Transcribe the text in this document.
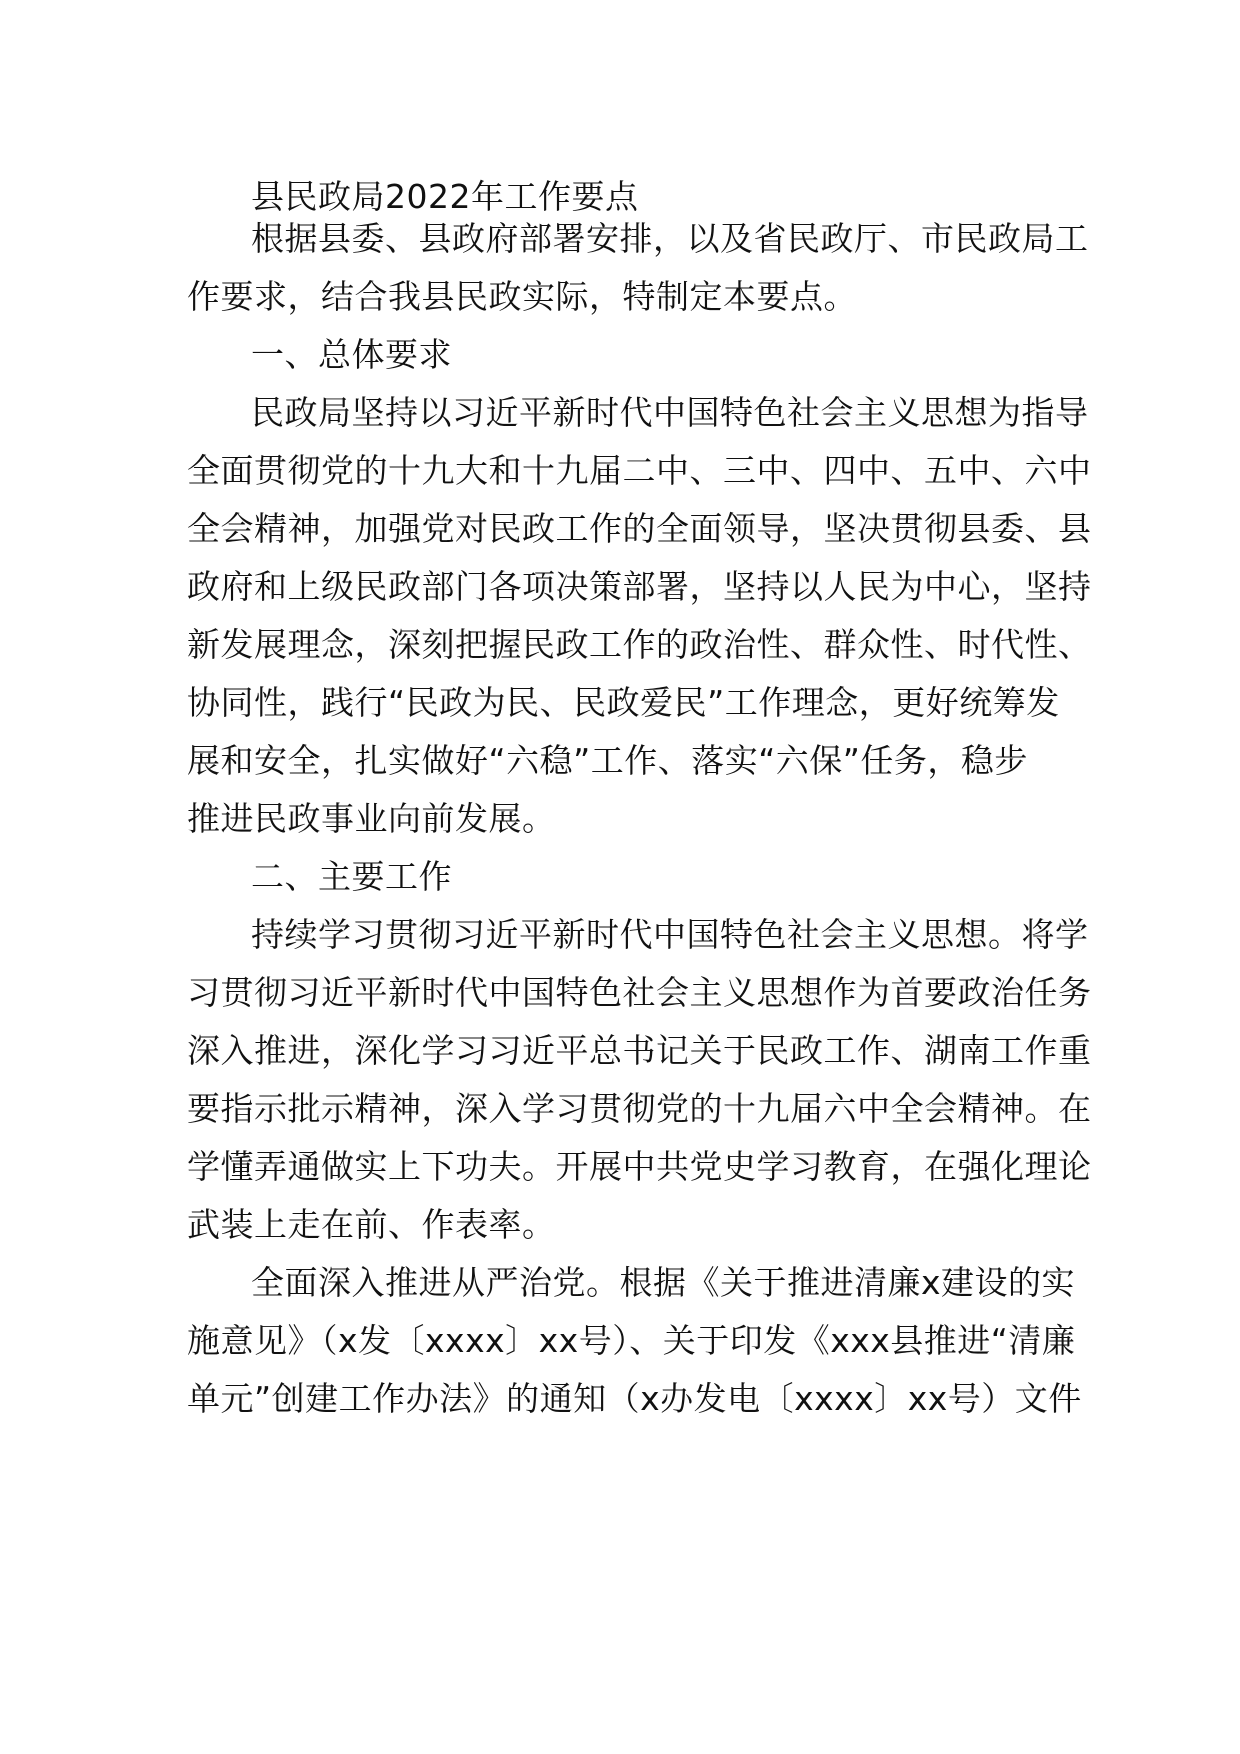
县民政局2022年工作要点
根据县委、县政府部署安排，以及省民政厅、市民政局工
作要求，结合我县民政实际，特制定本要点。
一、总体要求
民政局坚持以习近平新时代中国特色社会主义思想为指导
全面贯彻党的十九大和十九届二中、三中、四中、五中、六中
全会精神，加强党对民政工作的全面领导，坚决贯彻县委、县
政府和上级民政部门各项决策部署，坚持以人民为中心，坚持
新发展理念，深刻把握民政工作的政治性、群众性、时代性、
协同性，践行“民政为民、民政爱民”工作理念，更好统筹发
展和安全，扎实做好“六稳”工作、落实“六保”任务，稳步
推进民政事业向前发展。
二、主要工作
持续学习贯彻习近平新时代中国特色社会主义思想。将学
习贯彻习近平新时代中国特色社会主义思想作为首要政治任务
深入推进，深化学习习近平总书记关于民政工作、湖南工作重
要指示批示精神，深入学习贯彻党的十九届六中全会精神。在
学懂弄通做实上下功夫。开展中共党史学习教育，在强化理论
武装上走在前、作表率。
全面深入推进从严治党。根据《关于推进清廉x建设的实
施意见》（x发〔xxxx〕xx号）、关于印发《xxx县推进“清廉
单元”创建工作办法》的通知（x办发电〔xxxx〕xx号）文件
